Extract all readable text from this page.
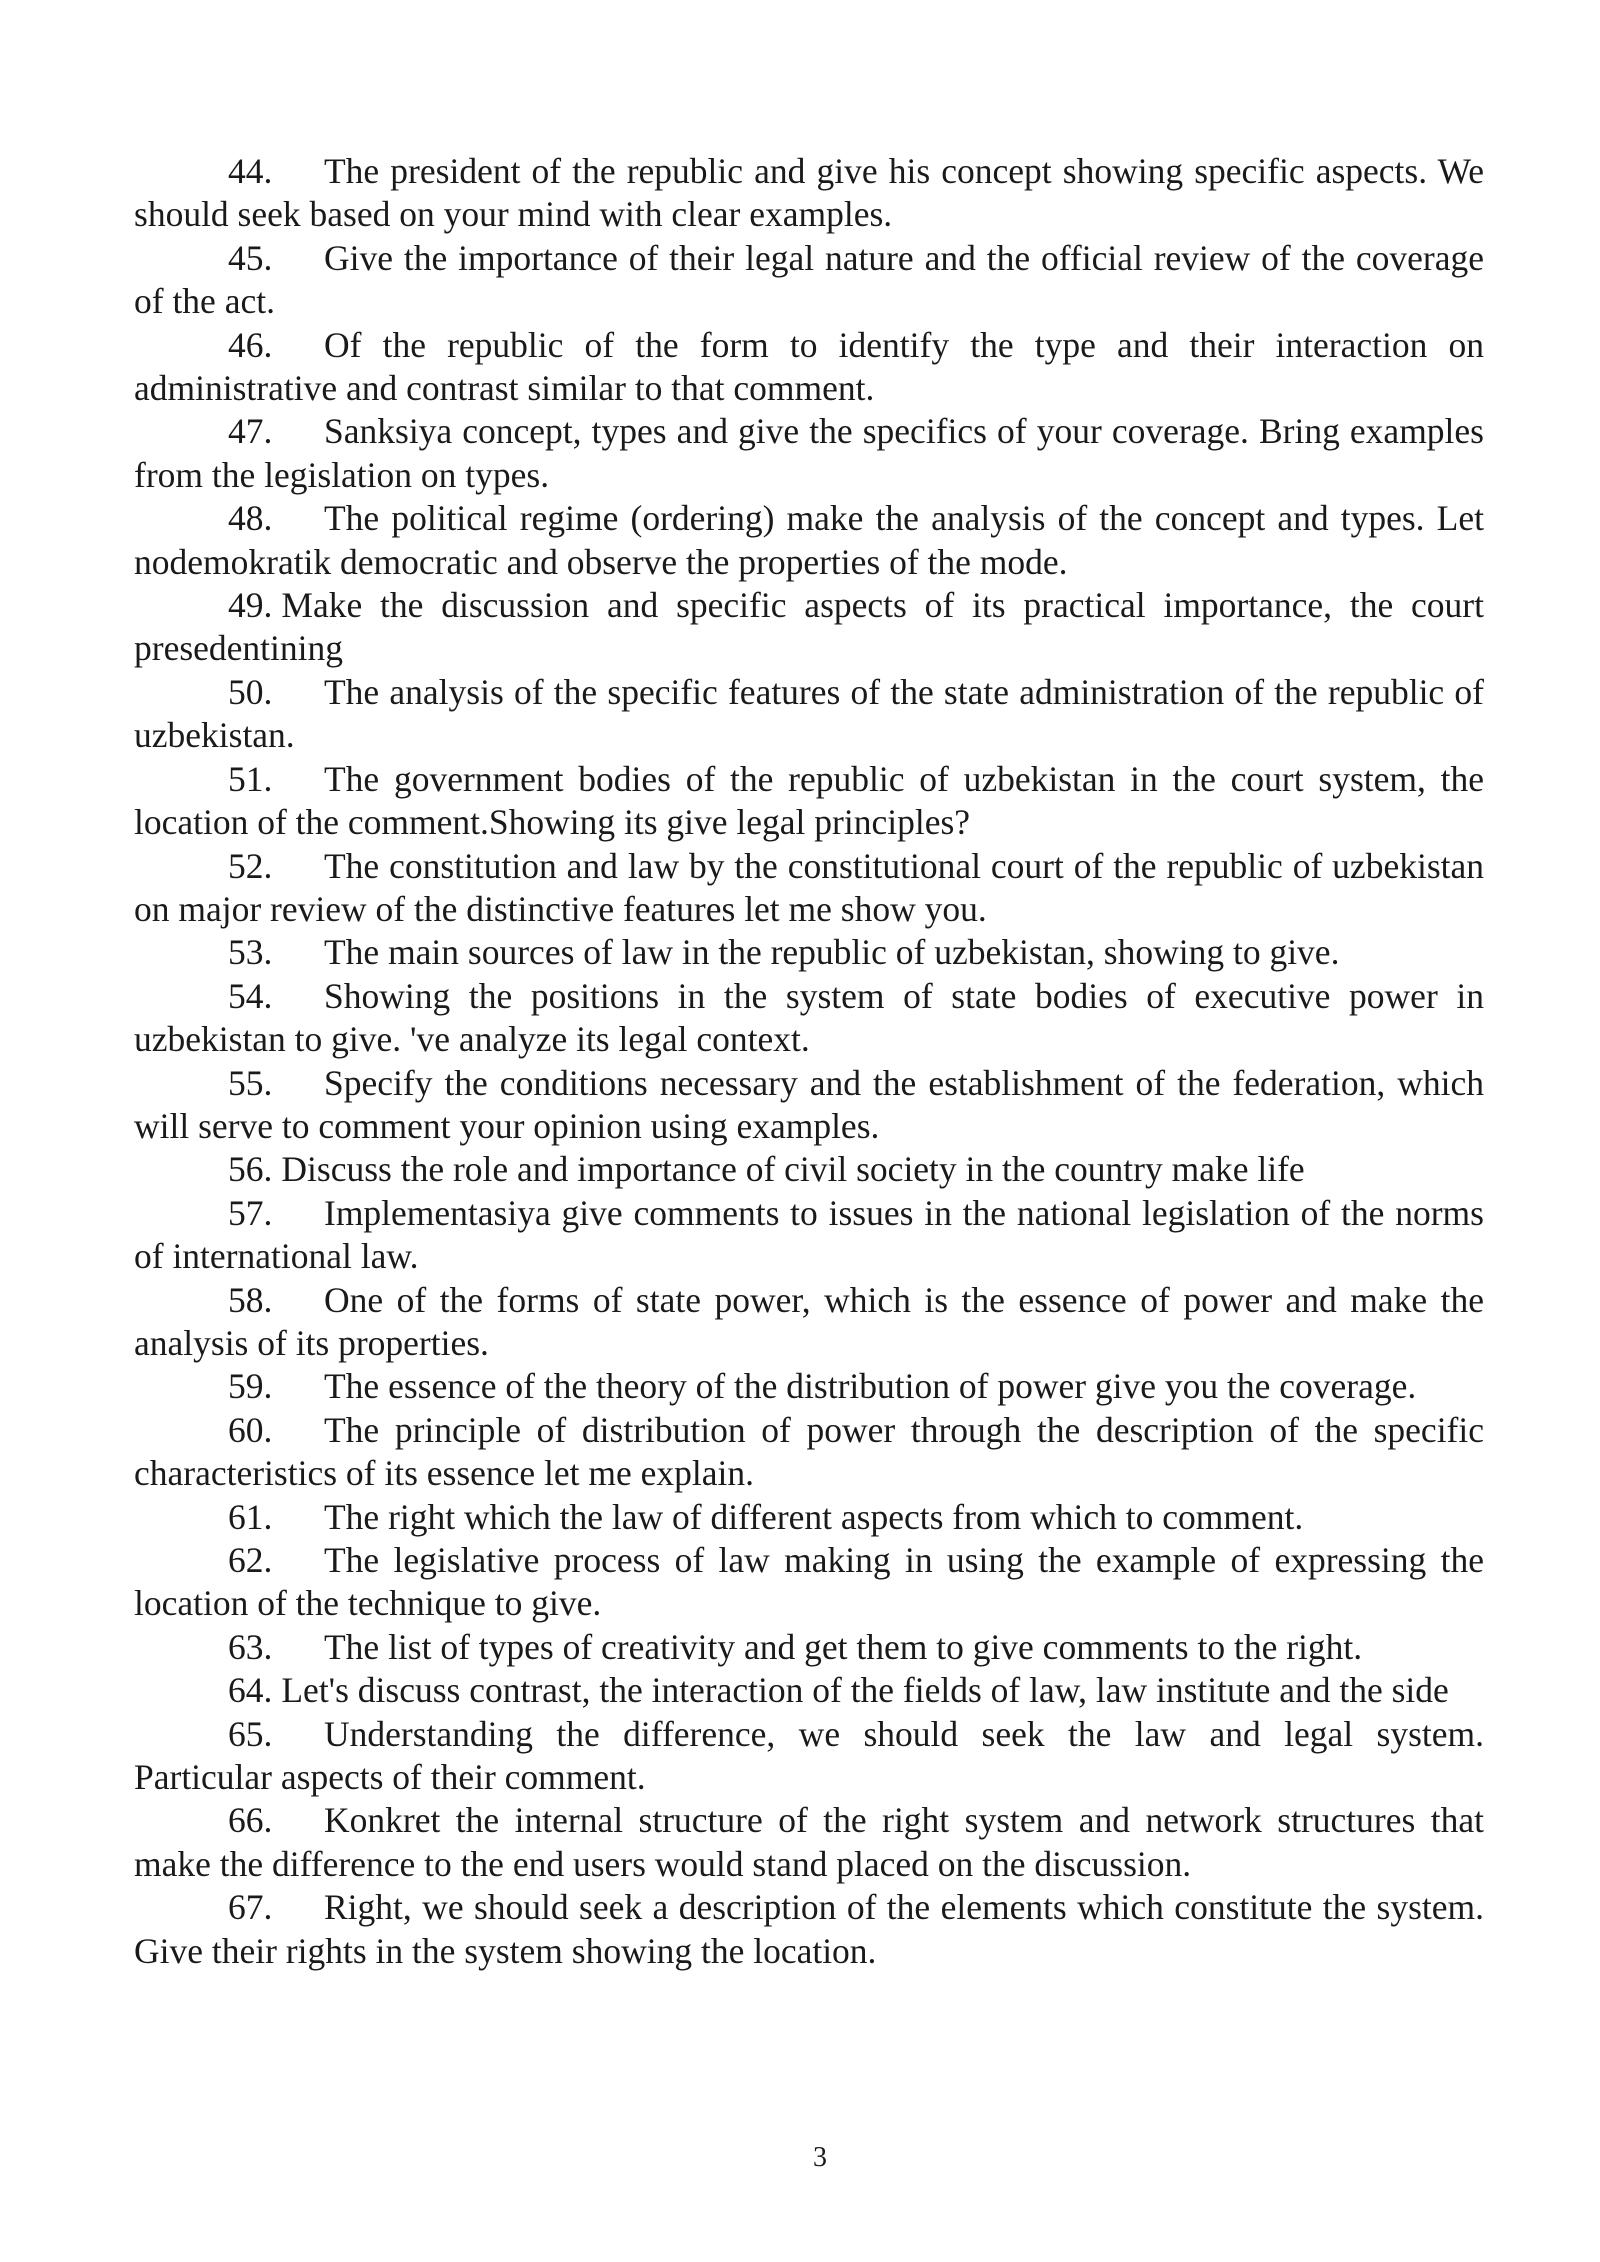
44. The president of the republic and give his concept showing specific aspects. We should seek based on your mind with clear examples.

45. Give the importance of their legal nature and the official review of the coverage of the act.

46. Of the republic of the form to identify the type and their interaction on administrative and contrast similar to that comment.

47. Sanksiya concept, types and give the specifics of your coverage. Bring examples from the legislation on types.

48. The political regime (ordering) make the analysis of the concept and types. Let nodemokratik democratic and observe the properties of the mode.

49. Make the discussion and specific aspects of its practical importance, the court presedentining

50. The analysis of the specific features of the state administration of the republic of uzbekistan.

51. The government bodies of the republic of uzbekistan in the court system, the location of the comment.Showing its give legal principles?

52. The constitution and law by the constitutional court of the republic of uzbekistan on major review of the distinctive features let me show you.

53. The main sources of law in the republic of uzbekistan, showing to give.

54. Showing the positions in the system of state bodies of executive power in uzbekistan to give. 've analyze its legal context.

55. Specify the conditions necessary and the establishment of the federation, which will serve to comment your opinion using examples.

56. Discuss the role and importance of civil society in the country make life

57. Implementasiya give comments to issues in the national legislation of the norms of international law.

58. One of the forms of state power, which is the essence of power and make the analysis of its properties.

59. The essence of the theory of the distribution of power give you the coverage.

60. The principle of distribution of power through the description of the specific characteristics of its essence let me explain.

61. The right which the law of different aspects from which to comment.

62. The legislative process of law making in using the example of expressing the location of the technique to give.

63. The list of types of creativity and get them to give comments to the right.

64. Let's discuss contrast, the interaction of the fields of law, law institute and the side

65. Understanding the difference, we should seek the law and legal system. Particular aspects of their comment.

66. Konkret the internal structure of the right system and network structures that make the difference to the end users would stand placed on the discussion.

67. Right, we should seek a description of the elements which constitute the system. Give their rights in the system showing the location.

3
